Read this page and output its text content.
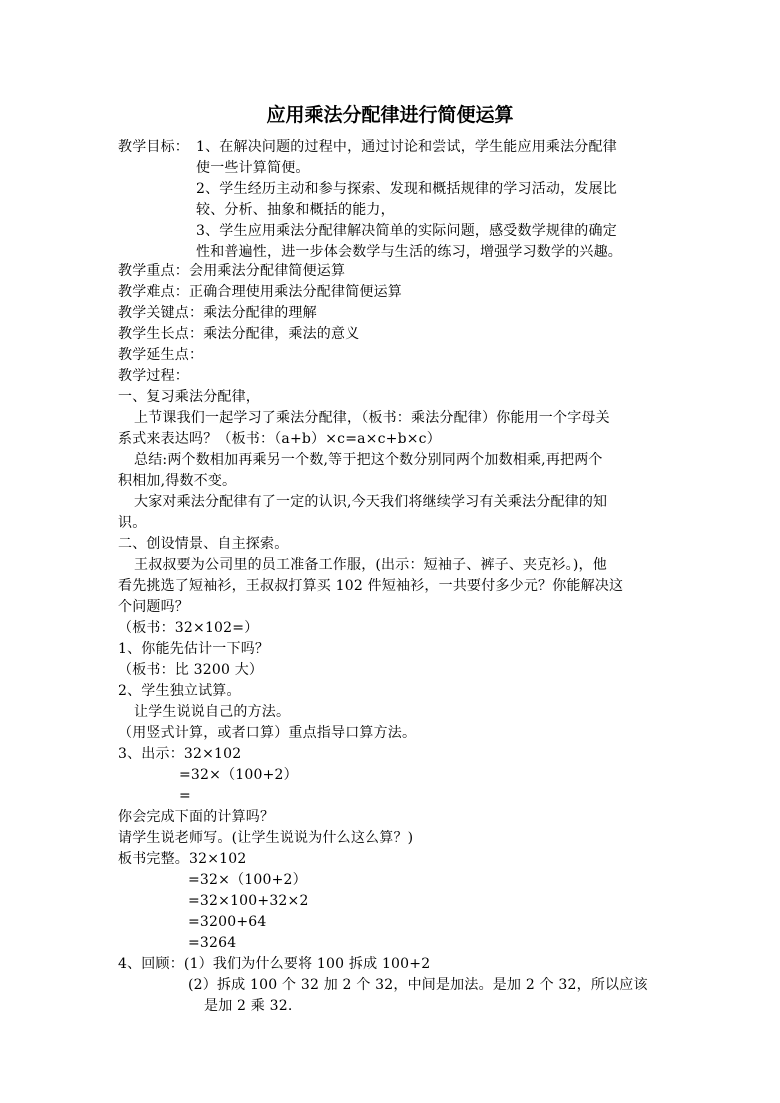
应用乘法分配律进行简便运算
教学目标： 1、在解决问题的过程中，通过讨论和尝试，学生能应用乘法分配律
使一些计算简便。
2、学生经历主动和参与探索、发现和概括规律的学习活动，发展比
较、分析、抽象和概括的能力，
3、学生应用乘法分配律解决简单的实际问题，感受数学规律的确定
性和普遍性，进一步体会数学与生活的练习，增强学习数学的兴趣。
教学重点：会用乘法分配律简便运算
教学难点：正确合理使用乘法分配律简便运算
教学关键点：乘法分配律的理解
教学生长点：乘法分配律，乘法的意义
教学延生点：
教学过程：
一、复习乘法分配律，
上节课我们一起学习了乘法分配律，（板书：乘法分配律）你能用一个字母关
系式来表达吗？（板书：（a+b）×c=a×c+b×c）
总结:两个数相加再乘另一个数,等于把这个数分别同两个加数相乘,再把两个
积相加,得数不变。
大家对乘法分配律有了一定的认识,今天我们将继续学习有关乘法分配律的知
识。
二、创设情景、自主探索。
王叔叔要为公司里的员工准备工作服，(出示：短袖子、裤子、夹克衫。)，他
看先挑选了短袖衫，王叔叔打算买 102 件短袖衫，一共要付多少元？你能解决这
个问题吗？
（板书：32×102=）
1、你能先估计一下吗？
（板书：比 3200 大）
2、学生独立试算。
让学生说说自己的方法。
（用竖式计算，或者口算）重点指导口算方法。
3、出示：32×102
=32×（100+2）
=
你会完成下面的计算吗？
请学生说老师写。(让学生说说为什么这么算？)
板书完整。32×102
=32×（100+2）
=32×100+32×2
=3200+64
=3264
4、回顾：(1）我们为什么要将 100 拆成 100+2
(2）拆成 100 个 32 加 2 个 32，中间是加法。是加 2 个 32，所以应该
是加 2 乘 32.
